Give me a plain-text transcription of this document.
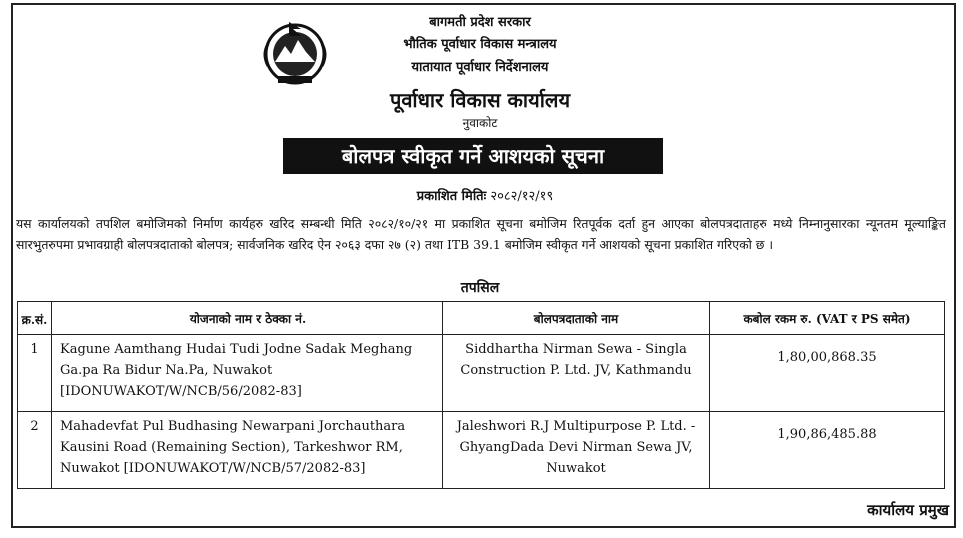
बागमती प्रदेश सरकार
भौतिक पूर्वाधार विकास मन्त्रालय
यातायात पूर्वाधार निर्देशनालय
पूर्वाधार विकास कार्यालय
नुवाकोट
बोलपत्र स्वीकृत गर्ने आशयको सूचना
प्रकाशित मितिः २०८२/१२/१९
यस कार्यालयको तपशिल बमोजिमको निर्माण कार्यहरु खरिद सम्बन्धी मिति २०८२/१०/२१ मा प्रकाशित सूचना बमोजिम रितपूर्वक दर्ता हुन आएका बोलपत्रदाताहरु मध्ये निम्नानुसारका न्यूनतम मूल्याङ्कित सारभुतरुपमा प्रभावग्राही बोलपत्रदाताको बोलपत्र; सार्वजनिक खरिद ऐन २०६३ दफा २७ (२) तथा ITB 39.1 बमोजिम स्वीकृत गर्ने आशयको सूचना प्रकाशित गरिएको छ ।
तपसिल
क्र.सं.	योजनाको नाम र ठेक्का नं.	बोलपत्रदाताको नाम	कबोल रकम रु. (VAT र PS समेत)
1	Kagune Aamthang Hudai Tudi Jodne Sadak Meghang Ga.pa Ra Bidur Na.Pa, Nuwakot [IDONUWAKOT/W/NCB/56/2082-83]	Siddhartha Nirman Sewa - Singla Construction P. Ltd. JV, Kathmandu	1,80,00,868.35
2	Mahadevfat Pul Budhasing Newarpani Jorchauthara Kausini Road (Remaining Section), Tarkeshwor RM, Nuwakot [IDONUWAKOT/W/NCB/57/2082-83]	Jaleshwori R.J Multipurpose P. Ltd. - GhyangDada Devi Nirman Sewa JV, Nuwakot	1,90,86,485.88
कार्यालय प्रमुख
